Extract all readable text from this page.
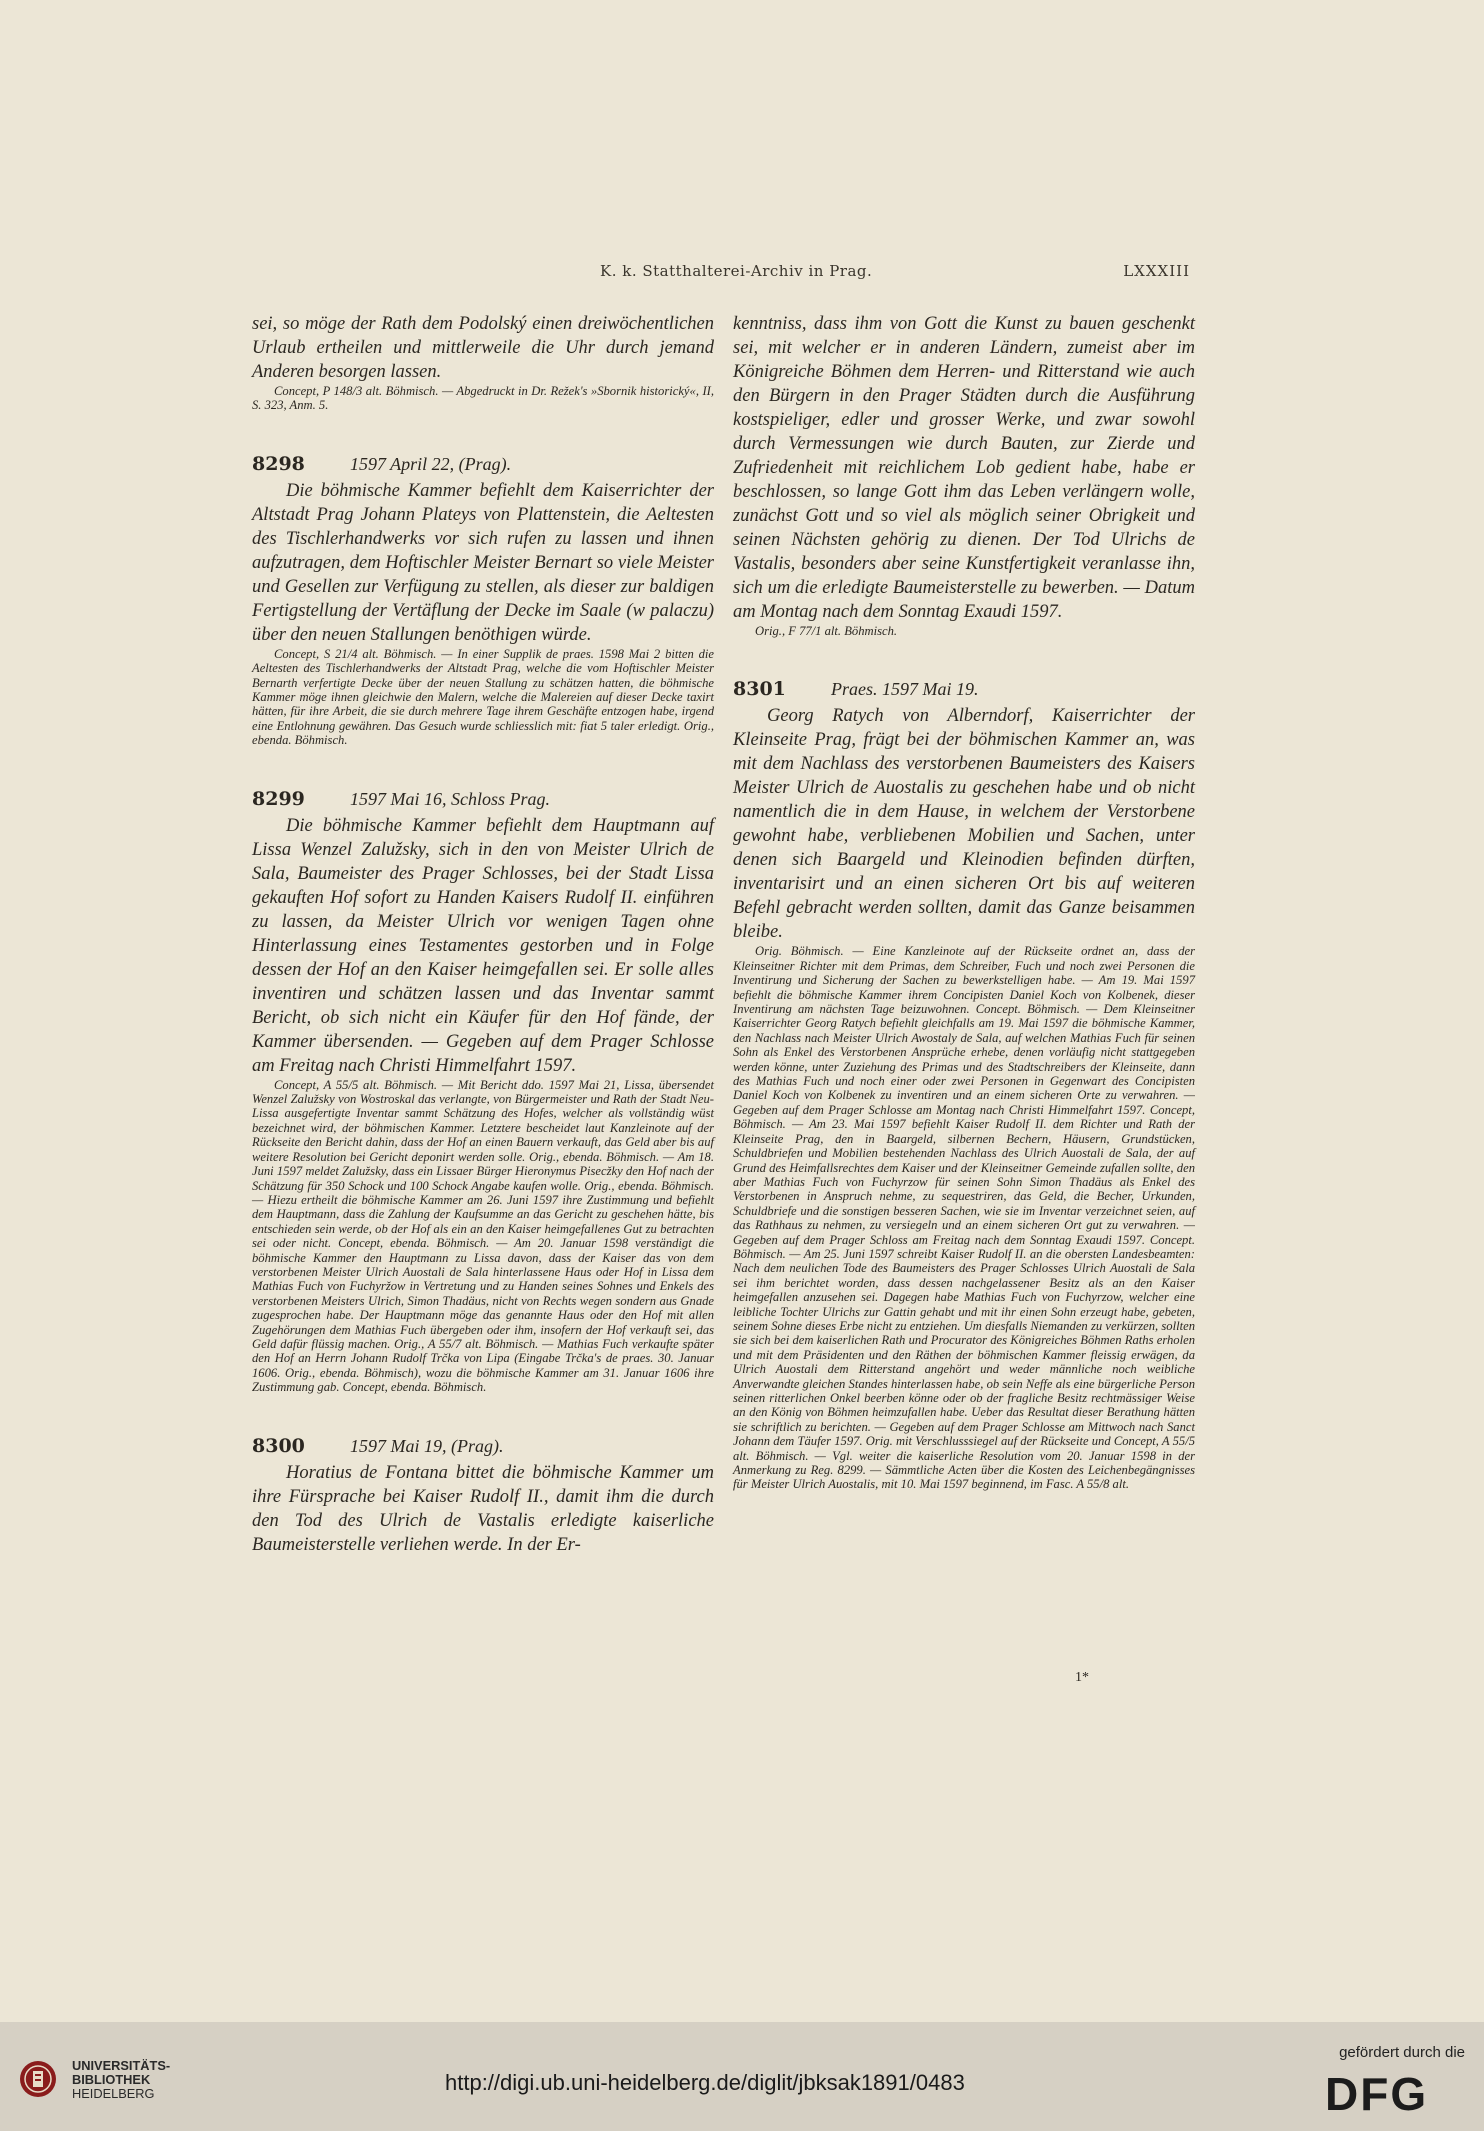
K. k. Statthalterei-Archiv in Prag.	LXXXIII

sei, so möge der Rath dem Podolský einen dreiwöchentlichen Urlaub ertheilen und mittlerweile die Uhr durch jemand Anderen besorgen lassen.

Concept, P 148/3 alt. Böhmisch. — Abgedruckt in Dr. Režek's »Sbornik historický«, II, S. 323, Anm. 5.

8298	1597 April 22, (Prag).

Die böhmische Kammer befiehlt dem Kaiserrichter der Altstadt Prag Johann Plateys von Plattenstein, die Aeltesten des Tischlerhandwerks vor sich rufen zu lassen und ihnen aufzutragen, dem Hoftischler Meister Bernart so viele Meister und Gesellen zur Verfügung zu stellen, als dieser zur baldigen Fertigstellung der Vertäflung der Decke im Saale (w palaczu) über den neuen Stallungen benöthigen würde.

Concept, S 21/4 alt. Böhmisch. — In einer Supplik de praes. 1598 Mai 2 bitten die Aeltesten des Tischlerhandwerks der Altstadt Prag, welche die vom Hoftischler Meister Bernarth verfertigte Decke über der neuen Stallung zu schätzen hatten, die böhmische Kammer möge ihnen gleichwie den Malern, welche die Malereien auf dieser Decke taxirt hätten, für ihre Arbeit, die sie durch mehrere Tage ihrem Geschäfte entzogen habe, irgend eine Entlohnung gewähren. Das Gesuch wurde schliesslich mit: fiat 5 taler erledigt. Orig., ebenda. Böhmisch.

8299	1597 Mai 16, Schloss Prag.

Die böhmische Kammer befiehlt dem Hauptmann auf Lissa Wenzel Zalužsky, sich in den von Meister Ulrich de Sala, Baumeister des Prager Schlosses, bei der Stadt Lissa gekauften Hof sofort zu Handen Kaisers Rudolf II. einführen zu lassen, da Meister Ulrich vor wenigen Tagen ohne Hinterlassung eines Testamentes gestorben und in Folge dessen der Hof an den Kaiser heimgefallen sei. Er solle alles inventiren und schätzen lassen und das Inventar sammt Bericht, ob sich nicht ein Käufer für den Hof fände, der Kammer übersenden. — Gegeben auf dem Prager Schlosse am Freitag nach Christi Himmelfahrt 1597.

Concept, A 55/5 alt. Böhmisch. — Mit Bericht ddo. 1597 Mai 21, Lissa, übersendet Wenzel Zalužsky von Wostroskal das verlangte, von Bürgermeister und Rath der Stadt Neu-Lissa ausgefertigte Inventar sammt Schätzung des Hofes, welcher als vollständig wüst bezeichnet wird, der böhmischen Kammer. Letztere bescheidet laut Kanzleinote auf der Rückseite den Bericht dahin, dass der Hof an einen Bauern verkauft, das Geld aber bis auf weitere Resolution bei Gericht deponirt werden solle. Orig., ebenda. Böhmisch. — Am 18. Juni 1597 meldet Zalužsky, dass ein Lissaer Bürger Hieronymus Pisecžky den Hof nach der Schätzung für 350 Schock und 100 Schock Angabe kaufen wolle. Orig., ebenda. Böhmisch. — Hiezu ertheilt die böhmische Kammer am 26. Juni 1597 ihre Zustimmung und befiehlt dem Hauptmann, dass die Zahlung der Kaufsumme an das Gericht zu geschehen hätte, bis entschieden sein werde, ob der Hof als ein an den Kaiser heimgefallenes Gut zu betrachten sei oder nicht. Concept, ebenda. Böhmisch. — Am 20. Januar 1598 verständigt die böhmische Kammer den Hauptmann zu Lissa davon, dass der Kaiser das von dem verstorbenen Meister Ulrich Auostali de Sala hinterlassene Haus oder Hof in Lissa dem Mathias Fuch von Fuchyržow in Vertretung und zu Handen seines Sohnes und Enkels des verstorbenen Meisters Ulrich, Simon Thadäus, nicht von Rechts wegen sondern aus Gnade zugesprochen habe. Der Hauptmann möge das genannte Haus oder den Hof mit allen Zugehörungen dem Mathias Fuch übergeben oder ihm, insofern der Hof verkauft sei, das Geld dafür flüssig machen. Orig., A 55/7 alt. Böhmisch. — Mathias Fuch verkaufte später den Hof an Herrn Johann Rudolf Trčka von Lipa (Eingabe Trčka's de praes. 30. Januar 1606. Orig., ebenda. Böhmisch), wozu die böhmische Kammer am 31. Januar 1606 ihre Zustimmung gab. Concept, ebenda. Böhmisch.

8300	1597 Mai 19, (Prag).

Horatius de Fontana bittet die böhmische Kammer um ihre Fürsprache bei Kaiser Rudolf II., damit ihm die durch den Tod des Ulrich de Vastalis erledigte kaiserliche Baumeisterstelle verliehen werde. In der Er-

kenntniss, dass ihm von Gott die Kunst zu bauen geschenkt sei, mit welcher er in anderen Ländern, zumeist aber im Königreiche Böhmen dem Herren- und Ritterstand wie auch den Bürgern in den Prager Städten durch die Ausführung kostspieliger, edler und grosser Werke, und zwar sowohl durch Vermessungen wie durch Bauten, zur Zierde und Zufriedenheit mit reichlichem Lob gedient habe, habe er beschlossen, so lange Gott ihm das Leben verlängern wolle, zunächst Gott und so viel als möglich seiner Obrigkeit und seinen Nächsten gehörig zu dienen. Der Tod Ulrichs de Vastalis, besonders aber seine Kunstfertigkeit veranlasse ihn, sich um die erledigte Baumeisterstelle zu bewerben. — Datum am Montag nach dem Sonntag Exaudi 1597.

Orig., F 77/1 alt. Böhmisch.

8301	Praes. 1597 Mai 19.

Georg Ratych von Alberndorf, Kaiserrichter der Kleinseite Prag, frägt bei der böhmischen Kammer an, was mit dem Nachlass des verstorbenen Baumeisters des Kaisers Meister Ulrich de Auostalis zu geschehen habe und ob nicht namentlich die in dem Hause, in welchem der Verstorbene gewohnt habe, verbliebenen Mobilien und Sachen, unter denen sich Baargeld und Kleinodien befinden dürften, inventarisirt und an einen sicheren Ort bis auf weiteren Befehl gebracht werden sollten, damit das Ganze beisammen bleibe.

Orig. Böhmisch. — Eine Kanzleinote auf der Rückseite ordnet an, dass der Kleinseitner Richter mit dem Primas, dem Schreiber, Fuch und noch zwei Personen die Inventirung und Sicherung der Sachen zu bewerkstelligen habe. — Am 19. Mai 1597 befiehlt die böhmische Kammer ihrem Concipisten Daniel Koch von Kolbenek, dieser Inventirung am nächsten Tage beizuwohnen. Concept. Böhmisch. — Dem Kleinseitner Kaiserrichter Georg Ratych befiehlt gleichfalls am 19. Mai 1597 die böhmische Kammer, den Nachlass nach Meister Ulrich Awostaly de Sala, auf welchen Mathias Fuch für seinen Sohn als Enkel des Verstorbenen Ansprüche erhebe, denen vorläufig nicht stattgegeben werden könne, unter Zuziehung des Primas und des Stadtschreibers der Kleinseite, dann des Mathias Fuch und noch einer oder zwei Personen in Gegenwart des Concipisten Daniel Koch von Kolbenek zu inventiren und an einem sicheren Orte zu verwahren. — Gegeben auf dem Prager Schlosse am Montag nach Christi Himmelfahrt 1597. Concept, Böhmisch. — Am 23. Mai 1597 befiehlt Kaiser Rudolf II. dem Richter und Rath der Kleinseite Prag, den in Baargeld, silbernen Bechern, Häusern, Grundstücken, Schuldbriefen und Mobilien bestehenden Nachlass des Ulrich Auostali de Sala, der auf Grund des Heimfallsrechtes dem Kaiser und der Kleinseitner Gemeinde zufallen sollte, den aber Mathias Fuch von Fuchyrzow für seinen Sohn Simon Thadäus als Enkel des Verstorbenen in Anspruch nehme, zu sequestriren, das Geld, die Becher, Urkunden, Schuldbriefe und die sonstigen besseren Sachen, wie sie im Inventar verzeichnet seien, auf das Rathhaus zu nehmen, zu versiegeln und an einem sicheren Ort gut zu verwahren. — Gegeben auf dem Prager Schloss am Freitag nach dem Sonntag Exaudi 1597. Concept. Böhmisch. — Am 25. Juni 1597 schreibt Kaiser Rudolf II. an die obersten Landesbeamten: Nach dem neulichen Tode des Baumeisters des Prager Schlosses Ulrich Auostali de Sala sei ihm berichtet worden, dass dessen nachgelassener Besitz als an den Kaiser heimgefallen anzusehen sei. Dagegen habe Mathias Fuch von Fuchyrzow, welcher eine leibliche Tochter Ulrichs zur Gattin gehabt und mit ihr einen Sohn erzeugt habe, gebeten, seinem Sohne dieses Erbe nicht zu entziehen. Um diesfalls Niemanden zu verkürzen, sollten sie sich bei dem kaiserlichen Rath und Procurator des Königreiches Böhmen Raths erholen und mit dem Präsidenten und den Räthen der böhmischen Kammer fleissig erwägen, da Ulrich Auostali dem Ritterstand angehört und weder männliche noch weibliche Anverwandte gleichen Standes hinterlassen habe, ob sein Neffe als eine bürgerliche Person seinen ritterlichen Onkel beerben könne oder ob der fragliche Besitz rechtmässiger Weise an den König von Böhmen heimzufallen habe. Ueber das Resultat dieser Berathung hätten sie schriftlich zu berichten. — Gegeben auf dem Prager Schlosse am Mittwoch nach Sanct Johann dem Täufer 1597. Orig. mit Verschlusssiegel auf der Rückseite und Concept, A 55/5 alt. Böhmisch. — Vgl. weiter die kaiserliche Resolution vom 20. Januar 1598 in der Anmerkung zu Reg. 8299. — Sämmtliche Acten über die Kosten des Leichenbegängnisses für Meister Ulrich Auostalis, mit 10. Mai 1597 beginnend, im Fasc. A 55/8 alt.

1*
UNIVERSITÄTS-
BIBLIOTHEK
HEIDELBERG	http://digi.ub.uni-heidelberg.de/diglit/jbksak1891/0483
gefördert durch die
DFG
